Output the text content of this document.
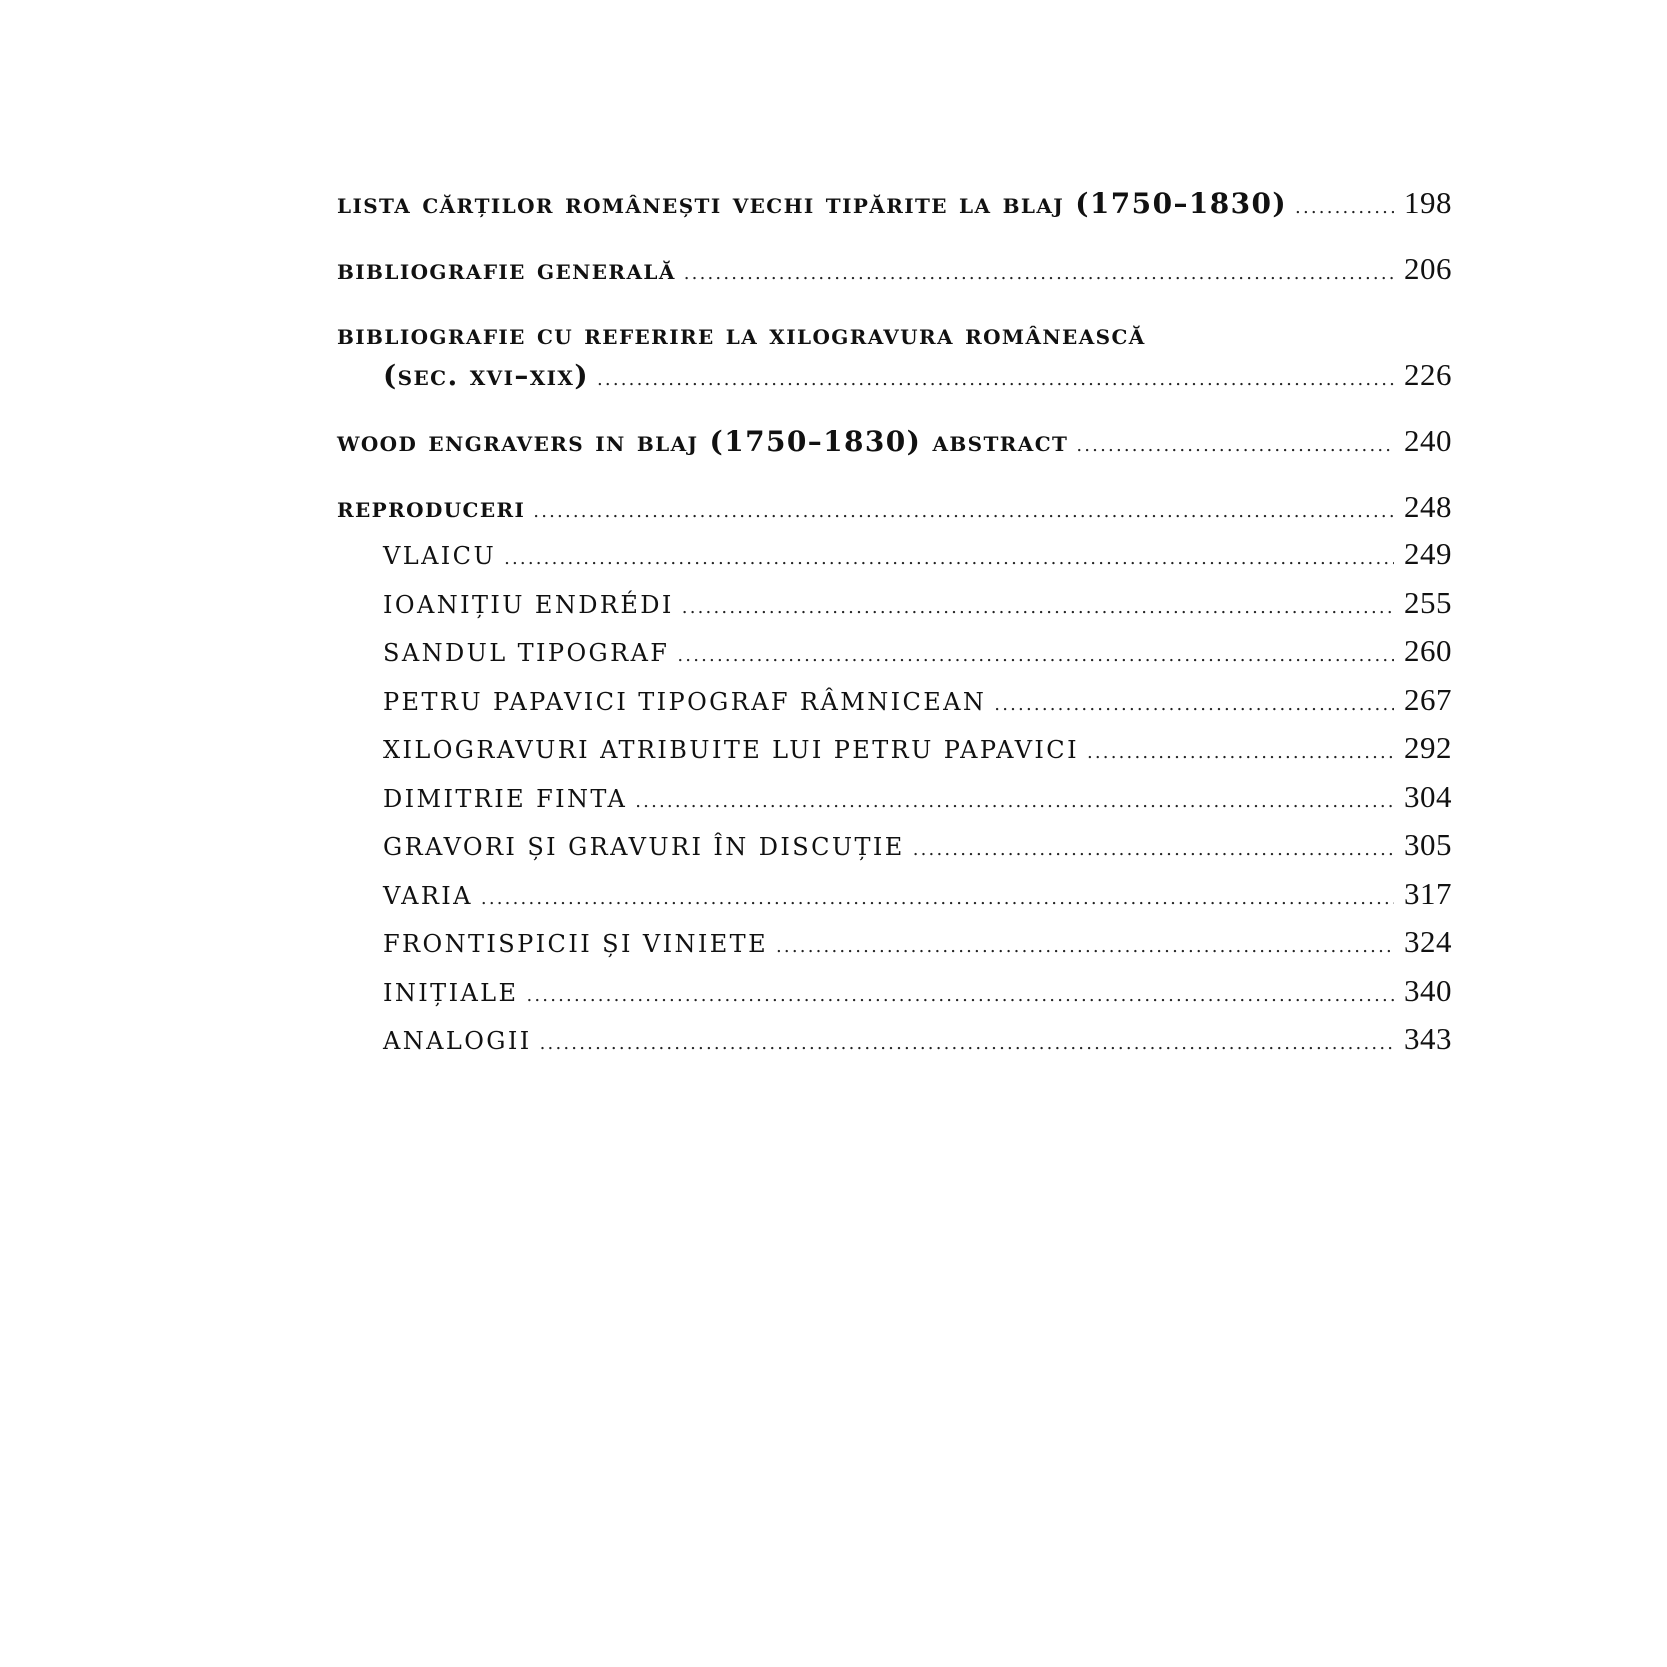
lista cărților românești vechi tipărite la blaj (1750–1830) .....	198
bibliografie generală .....	206
bibliografie cu referire la xilogravura românească
(sec. xvi–xix) .....	226
wood engravers in blaj (1750–1830) abstract .....	240
reproduceri .....	248
VLAICU .....	249
IOANIȚIU ENDRÉDI .....	255
SANDUL TIPOGRAF .....	260
PETRU PAPAVICI TIPOGRAF RÂMNICEAN .....	267
XILOGRAVURI ATRIBUITE LUI PETRU PAPAVICI .....	292
DIMITRIE FINTA .....	304
GRAVORI ȘI GRAVURI ÎN DISCUȚIE .....	305
VARIA .....	317
FRONTISPICII ȘI VINIETE .....	324
INIȚIALE .....	340
ANALOGII .....	343
